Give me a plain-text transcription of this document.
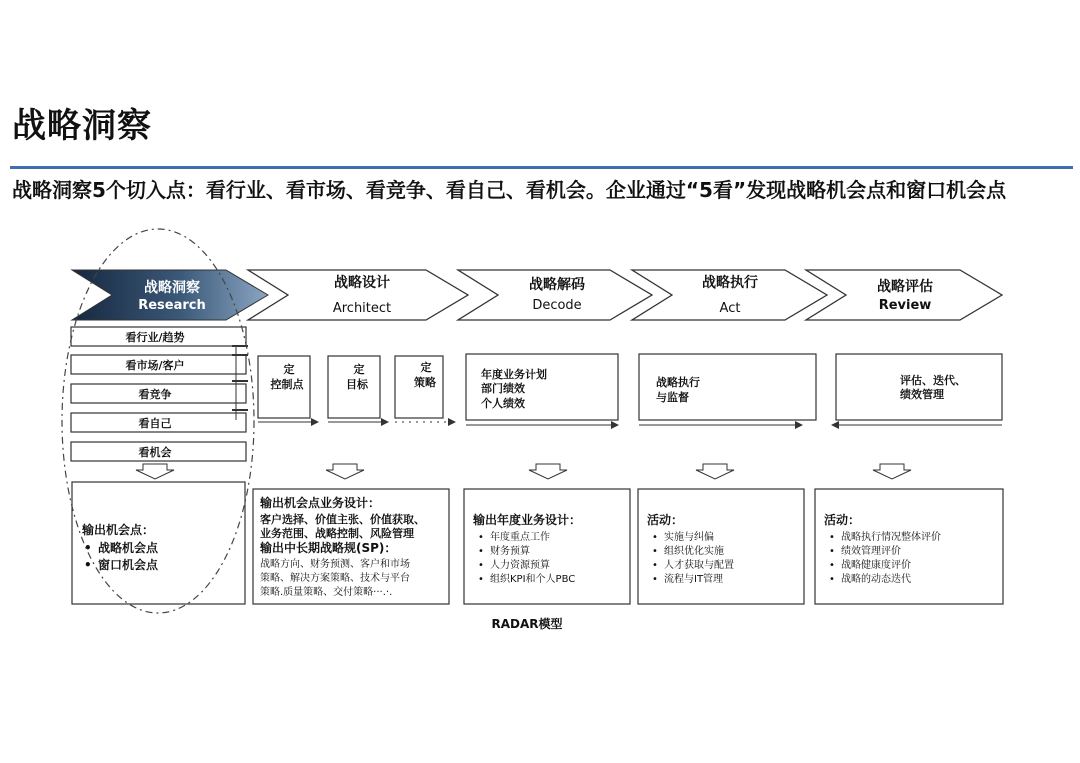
战略洞察
战略洞察5个切入点：看行业、看市场、看竞争、看自己、看机会。企业通过“5看”发现战略机会点和窗口机会点
战略洞察
Research
战略设计
Architect
战略解码
Decode
战略执行
Act
战略评估
Review
看行业/趋势
看市场/客户
看竞争
看自己
看机会
定
控制点
定
目标
定
策略
年度业务计划
部门绩效
个人绩效
战略执行
与监督
评估、迭代、
绩效管理
输出机会点：
• 战略机会点
• 窗口机会点
输出机会点业务设计：
客户选择、价值主张、价值获取、
业务范围、战略控制、风险管理
输出中长期战略规(SP)：
战略方向、财务预测、客户和市场
策略、解决方案策略、技术与平台
策略.质量策略、交付策略···.·.
输出年度业务设计：
• 年度重点工作
• 财务预算
• 人力资源预算
• 组织KPI和个人PBC
活动：
• 实施与纠偏
• 组织优化实施
• 人才获取与配置
• 流程与IT管理
活动：
• 战略执行情况整体评价
• 绩效管理评价
• 战略健康度评价
• 战略的动态迭代
RADAR模型
